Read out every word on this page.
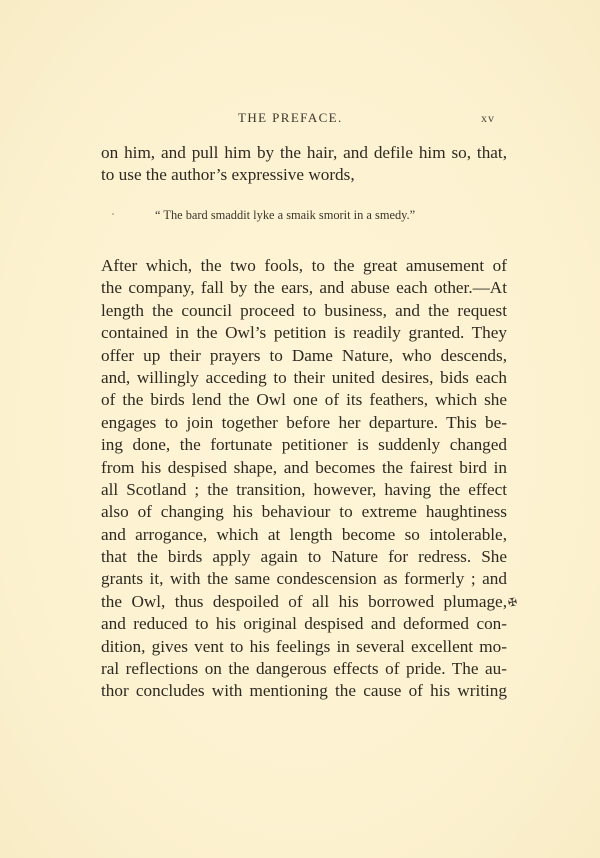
THE PREFACE.	xv
on him, and pull him by the hair, and defile him so, that,
to use the author’s expressive words,
“ The bard smaddit lyke a smaik smorit in a smedy.”
After which, the two fools, to the great amusement of
the company, fall by the ears, and abuse each other.—At
length the council proceed to business, and the request
contained in the Owl’s petition is readily granted. They
offer up their prayers to Dame Nature, who descends,
and, willingly acceding to their united desires, bids each
of the birds lend the Owl one of its feathers, which she
engages to join together before her departure. This be-
ing done, the fortunate petitioner is suddenly changed
from his despised shape, and becomes the fairest bird in
all Scotland ; the transition, however, having the effect
also of changing his behaviour to extreme haughtiness
and arrogance, which at length become so intolerable,
that the birds apply again to Nature for redress. She
grants it, with the same condescension as formerly ; and
the Owl, thus despoiled of all his borrowed plumage,
and reduced to his original despised and deformed con-
dition, gives vent to his feelings in several excellent mo-
ral reflections on the dangerous effects of pride. The au-
thor concludes with mentioning the cause of his writing
✠
